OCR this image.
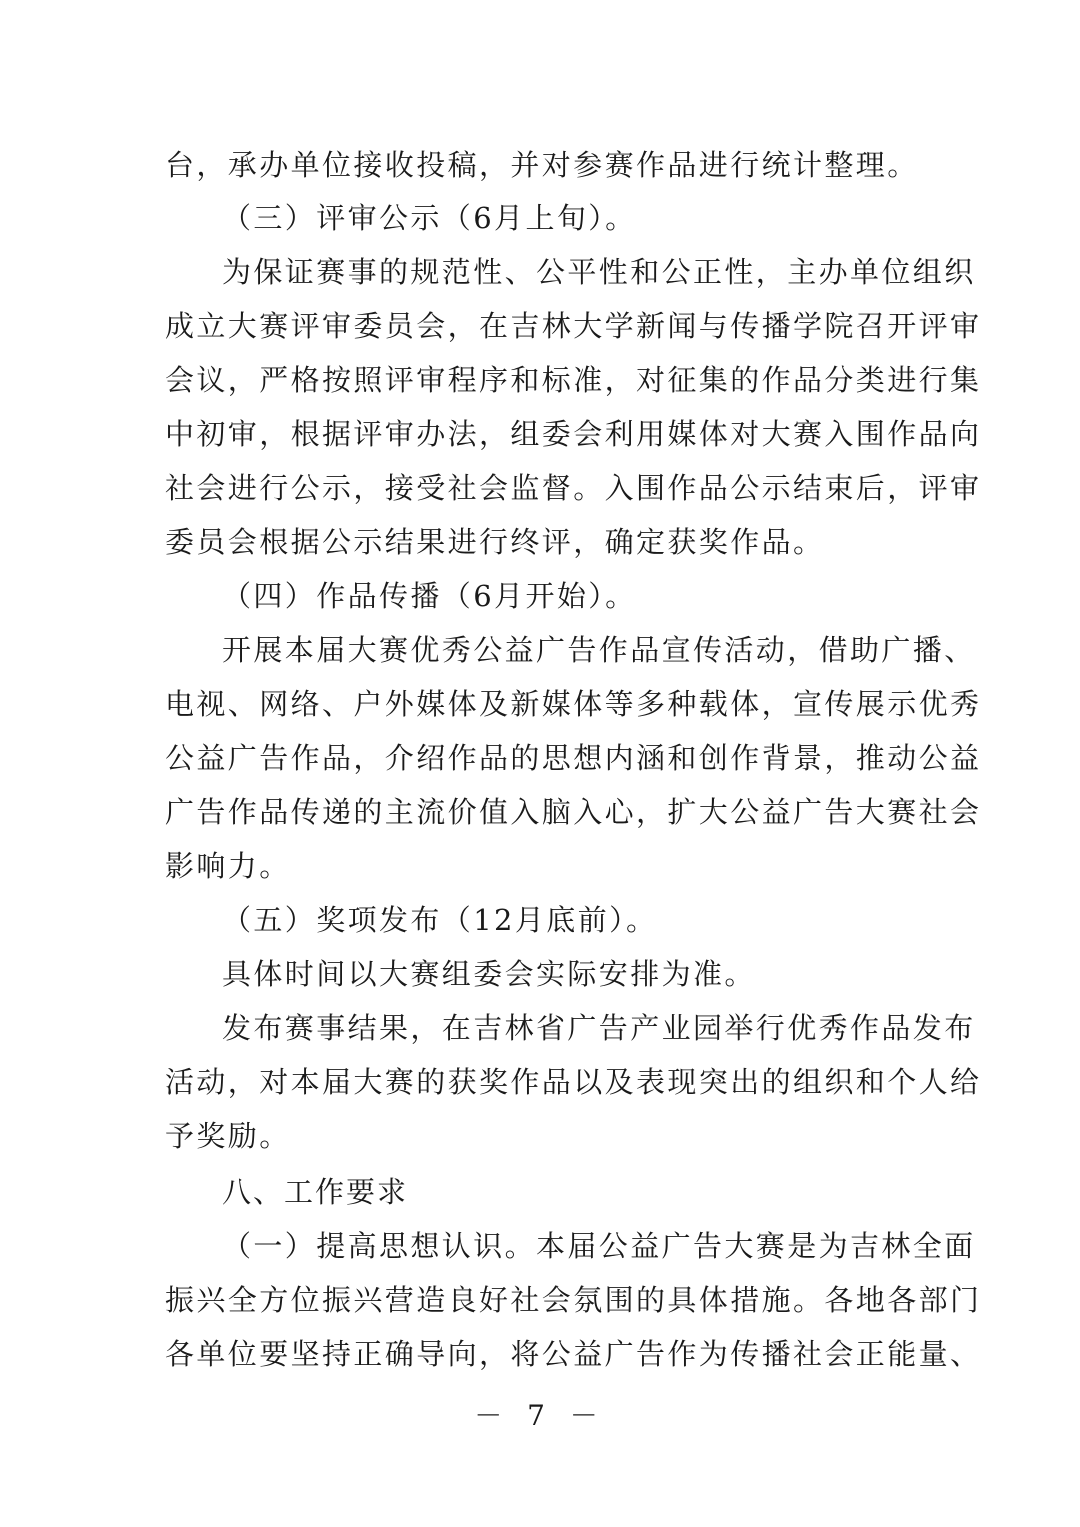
台，承办单位接收投稿，并对参赛作品进行统计整理。
（三）评审公示（6月上旬）。
为保证赛事的规范性、公平性和公正性，主办单位组织
成立大赛评审委员会，在吉林大学新闻与传播学院召开评审
会议，严格按照评审程序和标准，对征集的作品分类进行集
中初审，根据评审办法，组委会利用媒体对大赛入围作品向
社会进行公示，接受社会监督。入围作品公示结束后，评审
委员会根据公示结果进行终评，确定获奖作品。
（四）作品传播（6月开始）。
开展本届大赛优秀公益广告作品宣传活动，借助广播、
电视、网络、户外媒体及新媒体等多种载体，宣传展示优秀
公益广告作品，介绍作品的思想内涵和创作背景，推动公益
广告作品传递的主流价值入脑入心，扩大公益广告大赛社会
影响力。
（五）奖项发布（12月底前）。
具体时间以大赛组委会实际安排为准。
发布赛事结果，在吉林省广告产业园举行优秀作品发布
活动，对本届大赛的获奖作品以及表现突出的组织和个人给
予奖励。
八、工作要求
（一）提高思想认识。本届公益广告大赛是为吉林全面
振兴全方位振兴营造良好社会氛围的具体措施。各地各部门
各单位要坚持正确导向，将公益广告作为传播社会正能量、
－ 7 －
